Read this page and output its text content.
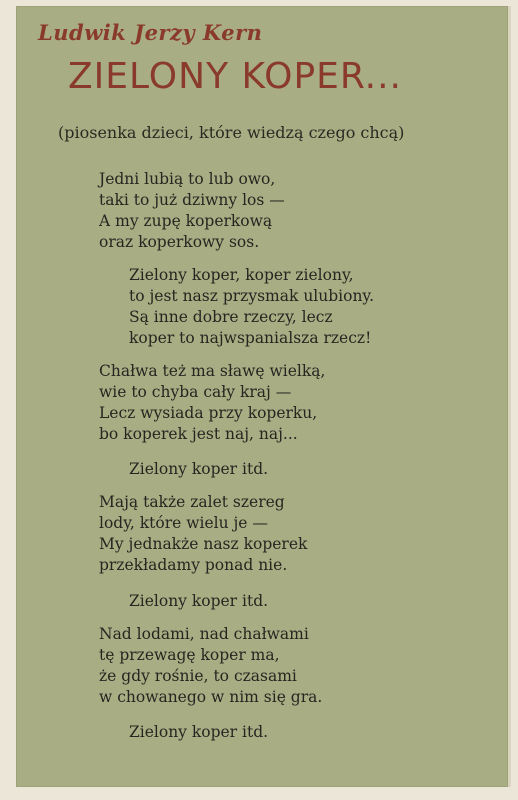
Ludwik Jerzy Kern
ZIELONY KOPER...
(piosenka dzieci, które wiedzą czego chcą)
Jedni lubią to lub owo,
taki to już dziwny los —
A my zupę koperkową
oraz koperkowy sos.
Zielony koper, koper zielony,
to jest nasz przysmak ulubiony.
Są inne dobre rzeczy, lecz
koper to najwspanialsza rzecz!
Chałwa też ma sławę wielką,
wie to chyba cały kraj —
Lecz wysiada przy koperku,
bo koperek jest naj, naj...
Zielony koper itd.
Mają także zalet szereg
lody, które wielu je —
My jednakże nasz koperek
przekładamy ponad nie.
Zielony koper itd.
Nad lodami, nad chałwami
tę przewagę koper ma,
że gdy rośnie, to czasami
w chowanego w nim się gra.
Zielony koper itd.
